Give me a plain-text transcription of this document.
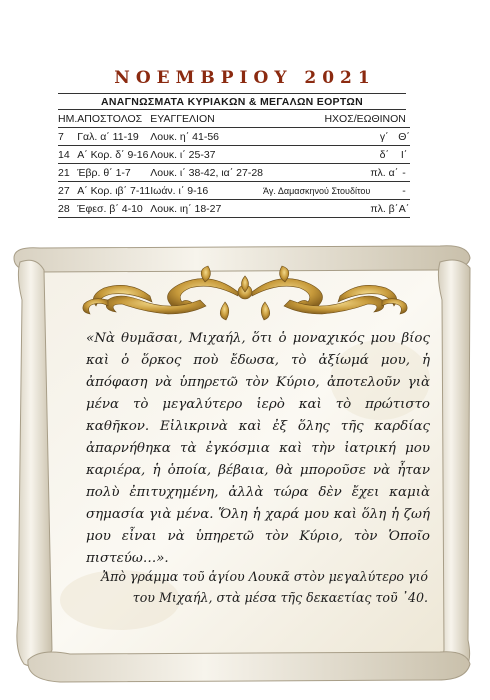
ΝΟΕΜΒΡΙΟΥ 2021
ΑΝΑΓΝΩΣΜΑΤΑ ΚΥΡΙΑΚΩΝ & ΜΕΓΑΛΩΝ ΕΟΡΤΩΝ
ΗΜ.	ΑΠΟΣΤΟΛΟΣ	ΕΥΑΓΓΕΛΙΟΝ	ΗΧΟΣ/ΕΩΘΙΝΟΝ		
7	Γαλ. α΄ 11-19	Λουκ. η΄ 41-56		γ΄	Θ΄
14	Α΄ Κορ. δ΄ 9-16	Λουκ. ι΄ 25-37		δ΄	Ι΄
21	Έβρ. θ΄ 1-7	Λουκ. ι΄ 38-42, ια΄ 27-28		πλ. α΄	-
27	Α΄ Κορ. ιβ΄ 7-11	Ιωάν. ι΄ 9-16	Άγ. Δαμασκηνού Στουδίτου		-
28	Έφεσ. β΄ 4-10	Λουκ. ιη΄ 18-27		πλ. β΄	Α΄
«Νὰ θυμᾶσαι, Μιχαήλ, ὅτι ὁ μοναχικός μου βίος καὶ ὁ ὅρκος ποὺ ἔδωσα, τὸ ἀξίωμά μου, ἡ ἀπόφαση νὰ ὑπηρετῶ τὸν Κύριο, ἀποτελοῦν γιὰ μένα τὸ μεγαλύτερο ἱερὸ καὶ τὸ πρώτιστο καθῆκον. Εἰλικρινὰ καὶ ἐξ ὅλης τῆς καρδίας ἀπαρνήθηκα τὰ ἐγκόσμια καὶ τὴν ἰατρική μου καριέρα, ἡ ὁποία, βέβαια, θὰ μποροῦσε νὰ ἦταν πολὺ ἐπιτυχημένη, ἀλλὰ τώρα δὲν ἔχει καμιὰ σημασία γιὰ μένα. Ὅλη ἡ χαρά μου καὶ ὅλη ἡ ζωή μου εἶναι νὰ ὑπηρετῶ τὸν Κύριο, τὸν Ὁποῖο πιστεύω…».
Ἀπὸ γράμμα τοῦ ἁγίου Λουκᾶ στὸν μεγαλύτερο γιό του Μιχαήλ, στὰ μέσα τῆς δεκαετίας τοῦ ᾽40.
